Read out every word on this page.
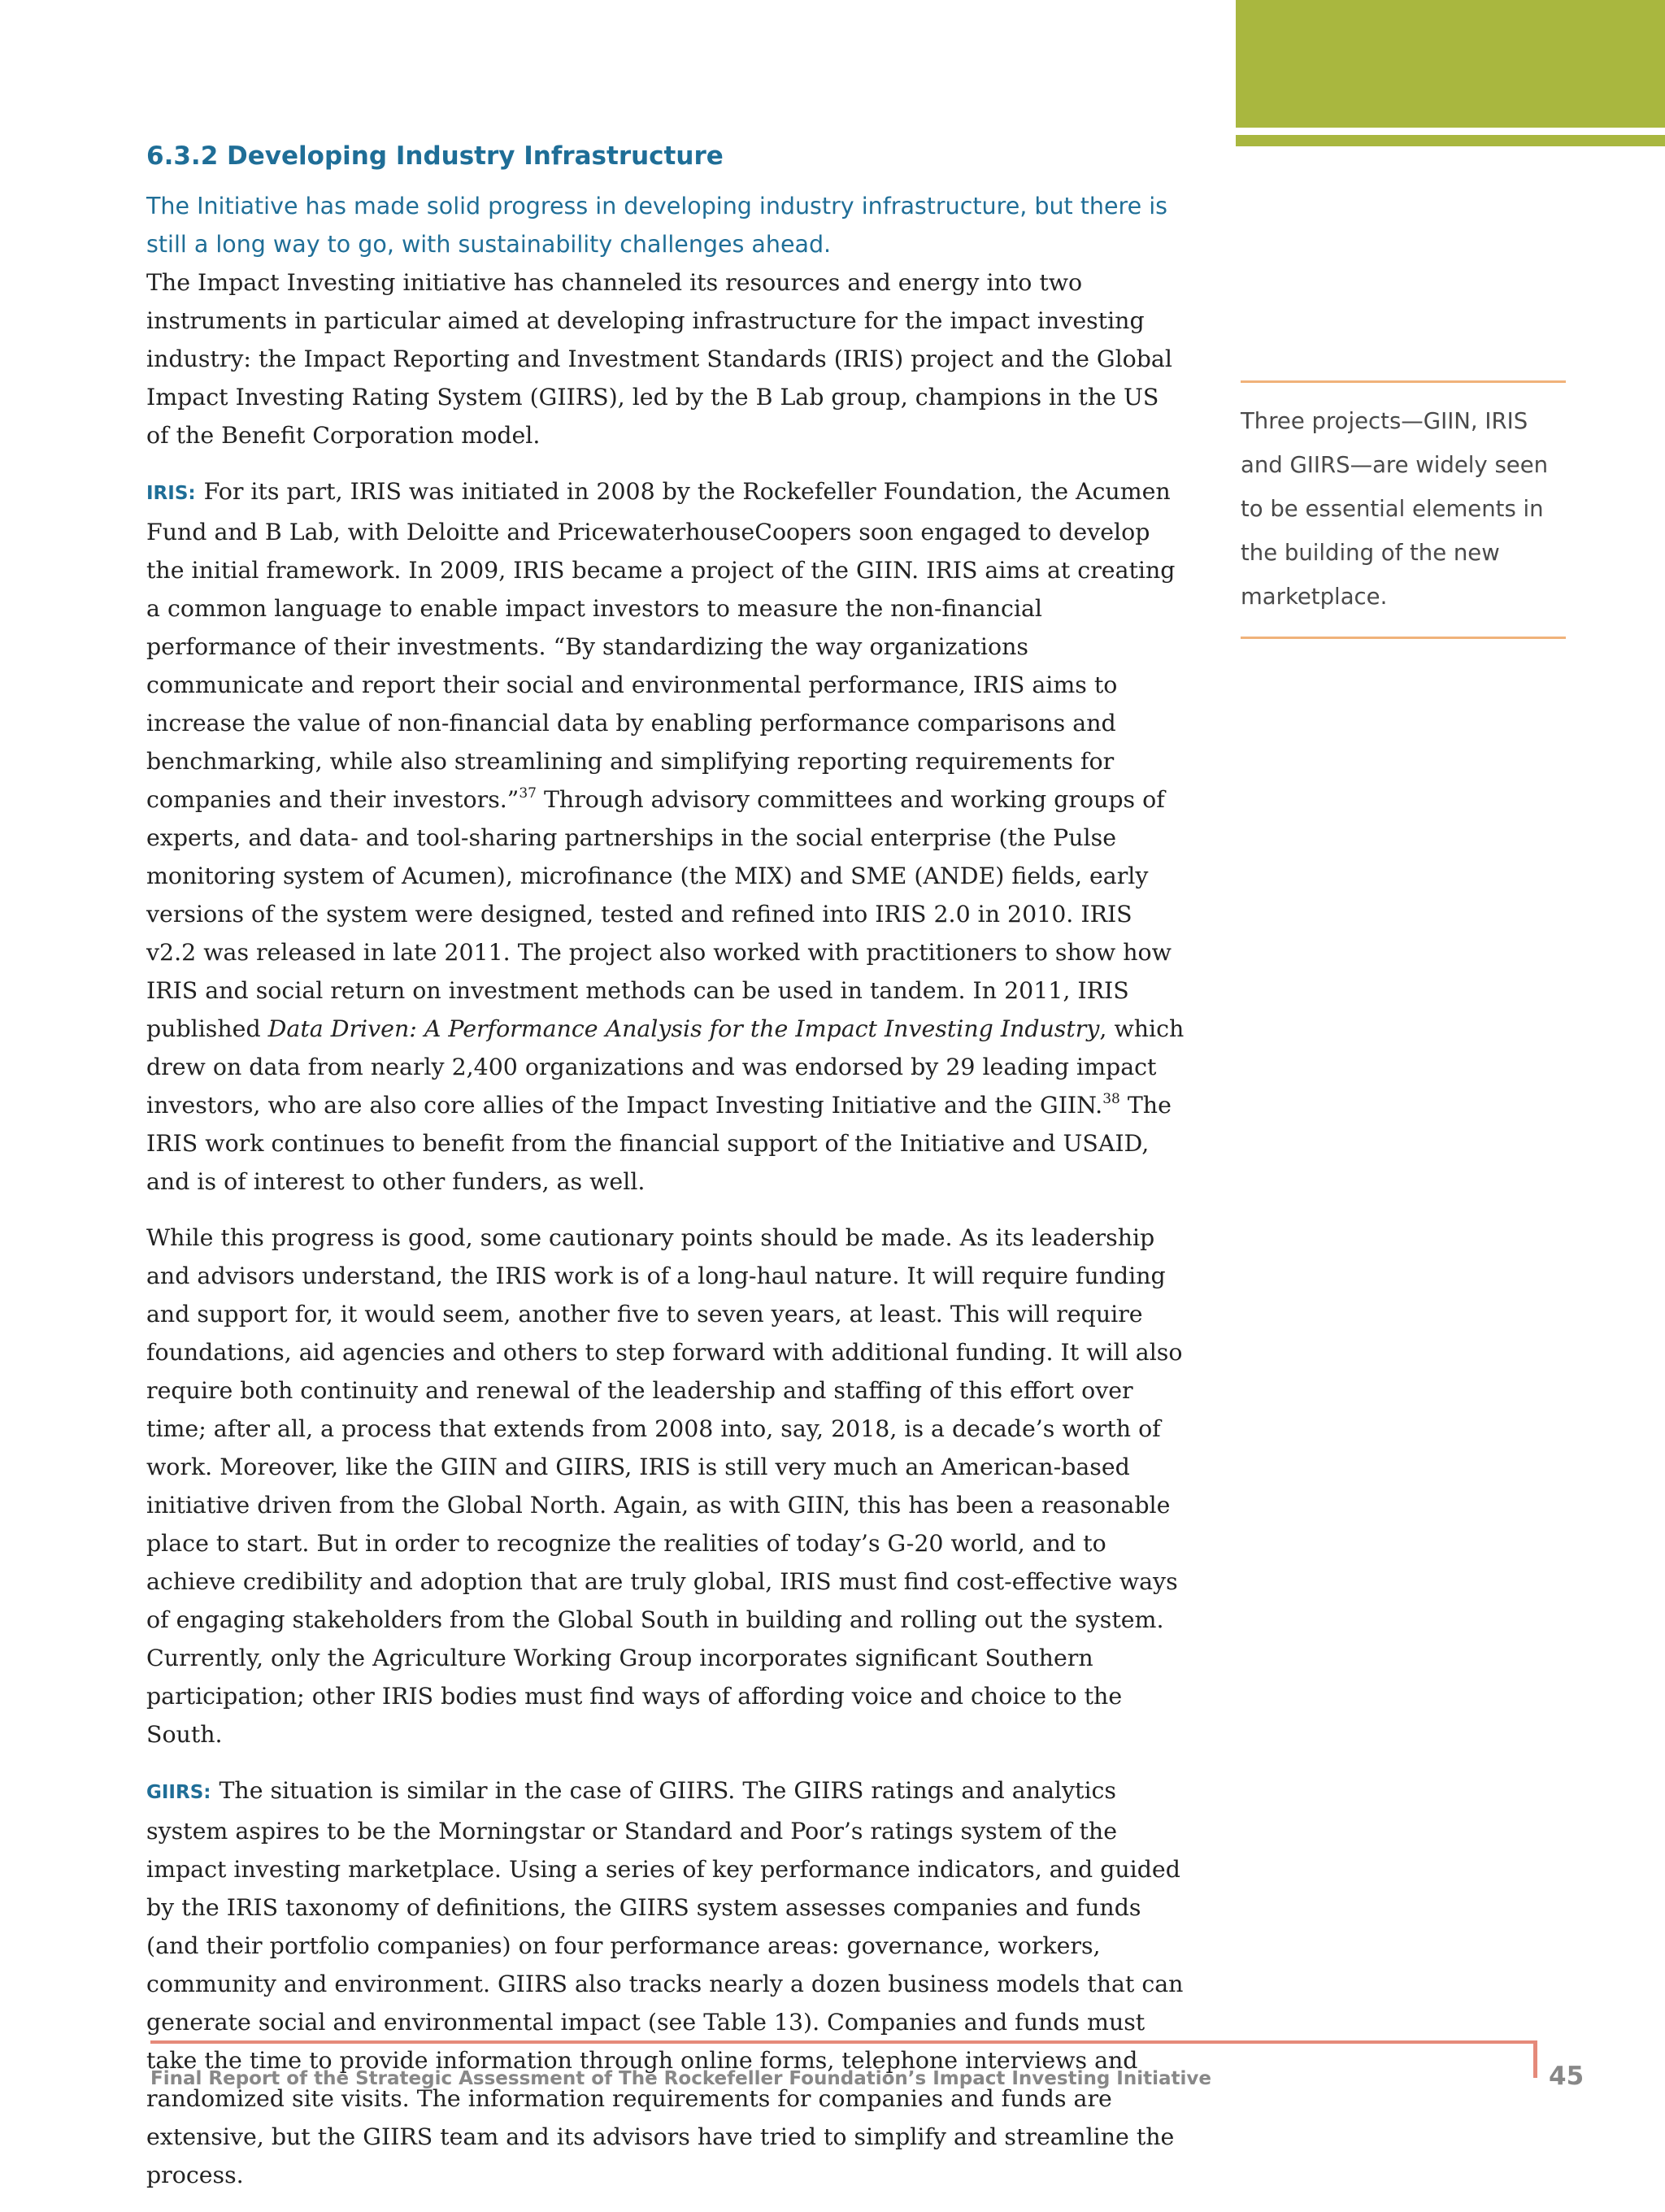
6.3.2 Developing Industry Infrastructure

The Initiative has made solid progress in developing industry infrastructure, but there is still a long way to go, with sustainability challenges ahead.

The Impact Investing initiative has channeled its resources and energy into two instruments in particular aimed at developing infrastructure for the impact investing industry: the Impact Reporting and Investment Standards (IRIS) project and the Global Impact Investing Rating System (GIIRS), led by the B Lab group, champions in the US of the Benefit Corporation model.

IRIS: For its part, IRIS was initiated in 2008 by the Rockefeller Foundation, the Acumen Fund and B Lab, with Deloitte and PricewaterhouseCoopers soon engaged to develop the initial framework. In 2009, IRIS became a project of the GIIN. IRIS aims at creating a common language to enable impact investors to measure the non-financial performance of their investments. “By standardizing the way organizations communicate and report their social and environmental performance, IRIS aims to increase the value of non-financial data by enabling performance comparisons and benchmarking, while also streamlining and simplifying reporting requirements for companies and their investors.”$^{37}$ Through advisory committees and working groups of experts, and data- and tool-sharing partnerships in the social enterprise (the Pulse monitoring system of Acumen), microfinance (the MIX) and SME (ANDE) fields, early versions of the system were designed, tested and refined into IRIS 2.0 in 2010. IRIS v2.2 was released in late 2011. The project also worked with practitioners to show how IRIS and social return on investment methods can be used in tandem. In 2011, IRIS published Data Driven: A Performance Analysis for the Impact Investing Industry, which drew on data from nearly 2,400 organizations and was endorsed by 29 leading impact investors, who are also core allies of the Impact Investing Initiative and the GIIN.$^{38}$ The IRIS work continues to benefit from the financial support of the Initiative and USAID, and is of interest to other funders, as well.

While this progress is good, some cautionary points should be made. As its leadership and advisors understand, the IRIS work is of a long-haul nature. It will require funding and support for, it would seem, another five to seven years, at least. This will require foundations, aid agencies and others to step forward with additional funding. It will also require both continuity and renewal of the leadership and staffing of this effort over time; after all, a process that extends from 2008 into, say, 2018, is a decade’s worth of work. Moreover, like the GIIN and GIIRS, IRIS is still very much an American-based initiative driven from the Global North. Again, as with GIIN, this has been a reasonable place to start. But in order to recognize the realities of today’s G-20 world, and to achieve credibility and adoption that are truly global, IRIS must find cost-effective ways of engaging stakeholders from the Global South in building and rolling out the system. Currently, only the Agriculture Working Group incorporates significant Southern participation; other IRIS bodies must find ways of affording voice and choice to the South.

GIIRS: The situation is similar in the case of GIIRS. The GIIRS ratings and analytics system aspires to be the Morningstar or Standard and Poor’s ratings system of the impact investing marketplace. Using a series of key performance indicators, and guided by the IRIS taxonomy of definitions, the GIIRS system assesses companies and funds (and their portfolio companies) on four performance areas: governance, workers, community and environment. GIIRS also tracks nearly a dozen business models that can generate social and environmental impact (see Table 13). Companies and funds must take the time to provide information through online forms, telephone interviews and randomized site visits. The information requirements for companies and funds are extensive, but the GIIRS team and its advisors have tried to simplify and streamline the process.

Three projects—GIIN, IRIS and GIIRS—are widely seen to be essential elements in the building of the new marketplace.

Final Report of the Strategic Assessment of The Rockefeller Foundation’s Impact Investing Initiative	45
